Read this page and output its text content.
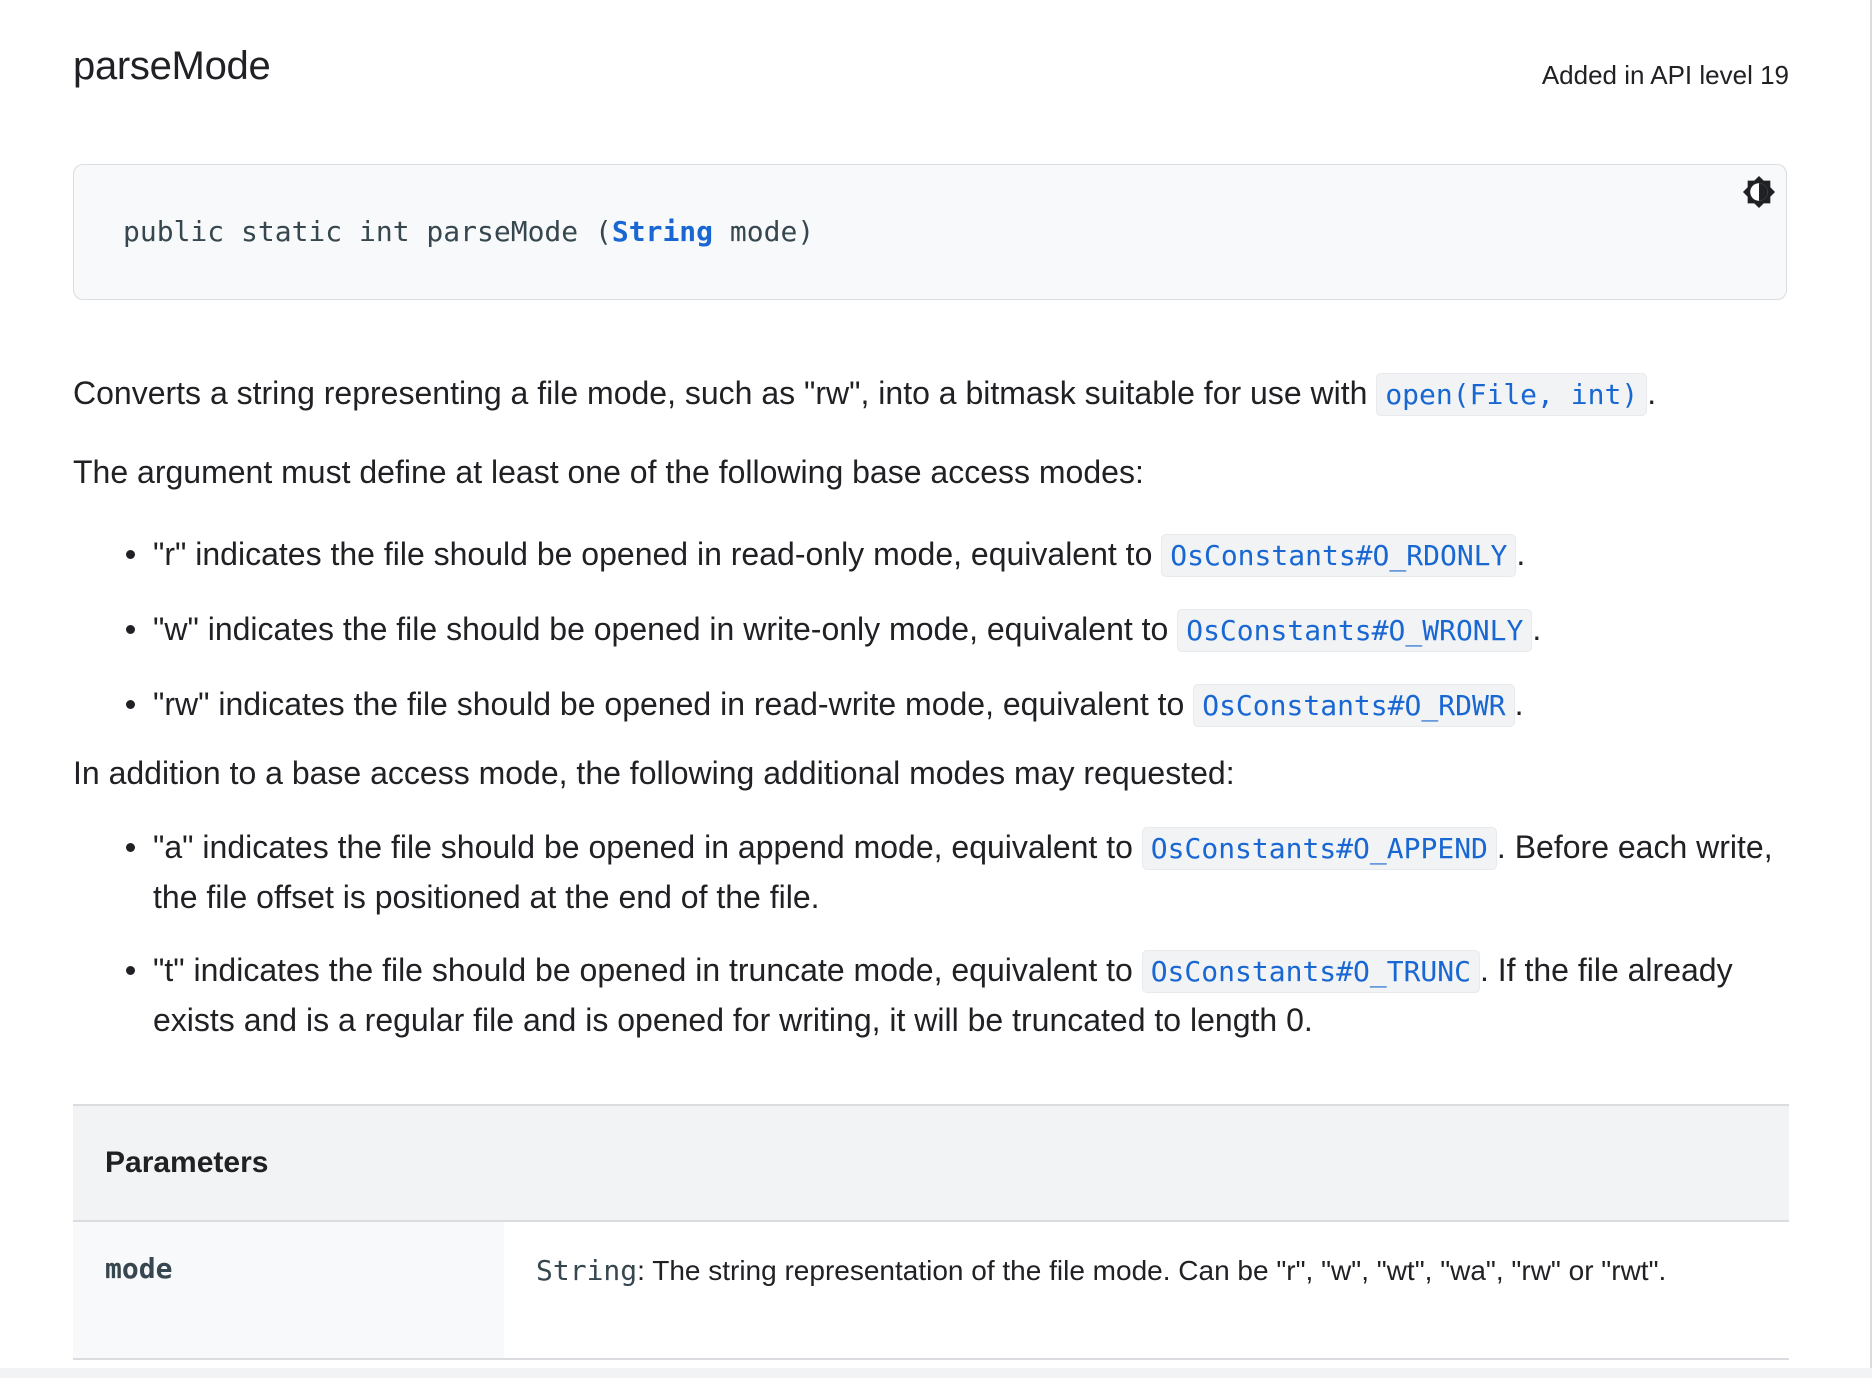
parseMode	Added in API level 19
public static int parseMode (String mode)

Converts a string representing a file mode, such as "rw", into a bitmask suitable for use with open(File, int) .

The argument must define at least one of the following base access modes:

"r" indicates the file should be opened in read-only mode, equivalent to OsConstants#O_RDONLY .
"w" indicates the file should be opened in write-only mode, equivalent to OsConstants#O_WRONLY .
"rw" indicates the file should be opened in read-write mode, equivalent to OsConstants#O_RDWR .

In addition to a base access mode, the following additional modes may requested:

"a" indicates the file should be opened in append mode, equivalent to OsConstants#O_APPEND . Before each write, the file offset is positioned at the end of the file.
"t" indicates the file should be opened in truncate mode, equivalent to OsConstants#O_TRUNC . If the file already exists and is a regular file and is opened for writing, it will be truncated to length 0.
Parameters
mode	String: The string representation of the file mode. Can be "r", "w", "wt", "wa", "rw" or "rwt".
